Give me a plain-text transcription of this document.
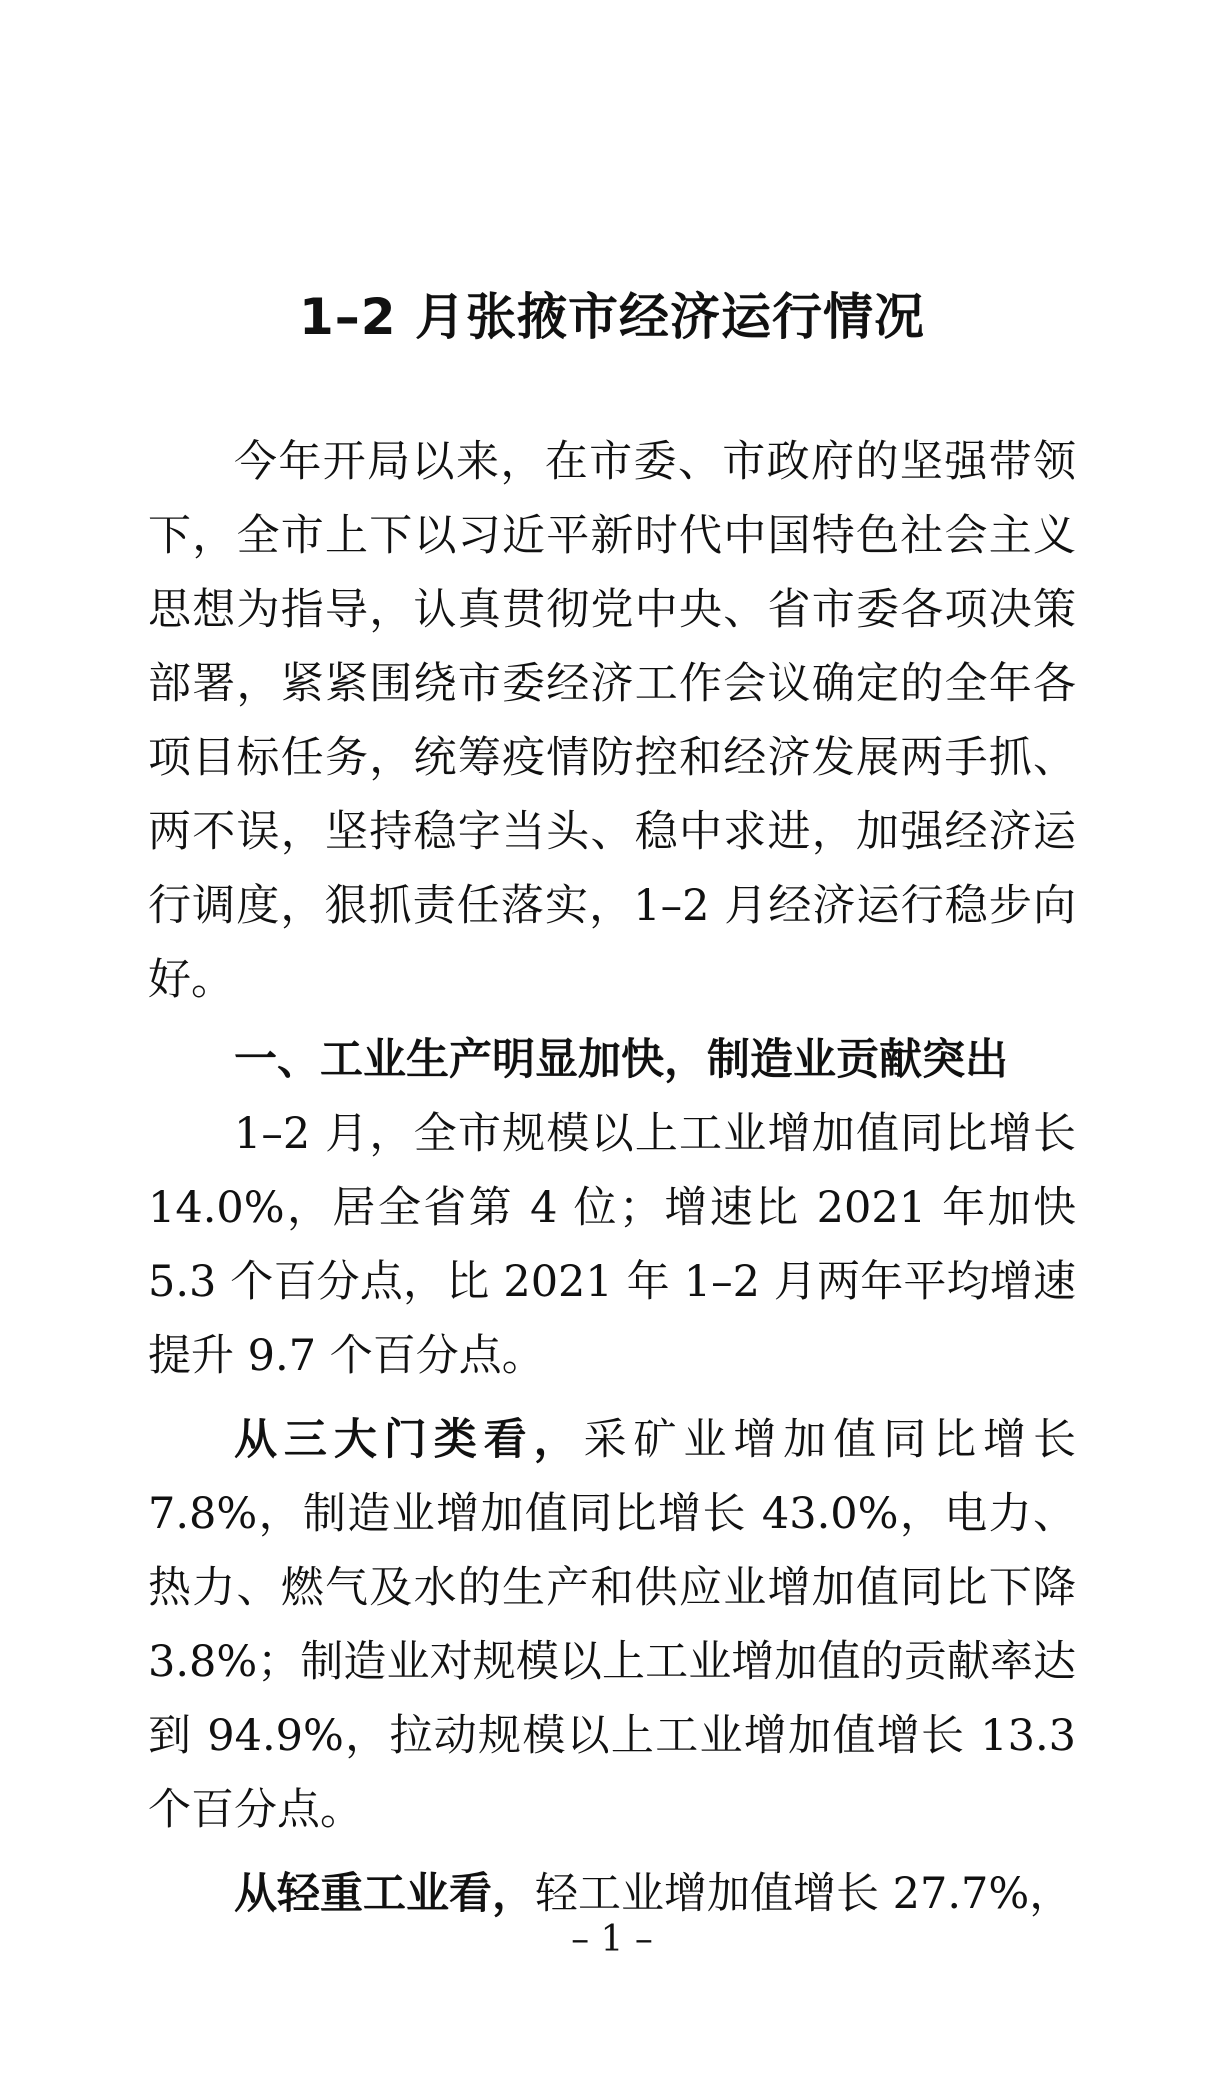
1–2 月张掖市经济运行情况

今年开局以来，在市委、市政府的坚强带领下，全市上下以习近平新时代中国特色社会主义思想为指导，认真贯彻党中央、省市委各项决策部署，紧紧围绕市委经济工作会议确定的全年各项目标任务，统筹疫情防控和经济发展两手抓、两不误，坚持稳字当头、稳中求进，加强经济运行调度，狠抓责任落实，1–2 月经济运行稳步向好。

一、工业生产明显加快，制造业贡献突出

1–2 月，全市规模以上工业增加值同比增长 14.0%，居全省第 4 位；增速比 2021 年加快 5.3 个百分点，比 2021 年 1–2 月两年平均增速提升 9.7 个百分点。

从三大门类看，采矿业增加值同比增长 7.8%，制造业增加值同比增长 43.0%，电力、热力、燃气及水的生产和供应业增加值同比下降 3.8%；制造业对规模以上工业增加值的贡献率达到 94.9%，拉动规模以上工业增加值增长 13.3 个百分点。

从轻重工业看，轻工业增加值增长 27.7%，

– 1 –
